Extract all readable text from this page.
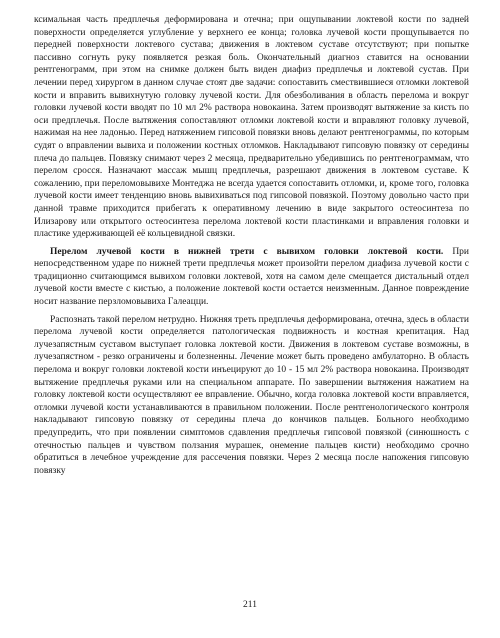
ксимальная часть предплечья деформирована и отечна; при ощупывании локтевой кости по задней поверхности определяется углубление у верхнего ее конца; головка лучевой кости прощупывается по передней поверхности локтевого сустава; движения в локтевом суставе отсутствуют; при попытке пассивно согнуть руку появляется резкая боль. Окончательный диагноз ставится на основании рентгенограмм, при этом на снимке должен быть виден диафиз предплечья и локтевой сустав. При лечении перед хирургом в данном случае стоят две задачи: сопоставить смествившиеся отломки локтевой кости и вправить вывихнутую головку лучевой кости. Для обезболивания в область перелома и вокруг головки лучевой кости вводят по 10 мл 2% раствора новокаина. Затем производят вытяжение за кисть по оси предплечья. После вытяжения сопоставляют отломки локтевой кости и вправляют головку лучевой, нажимая на нее ладонью. Перед натяжением гипсовой повязки вновь делают рентгенограммы, по которым судят о вправлении вывиха и положении костных отломков. Накладывают гипсовую повязку от середины плеча до пальцев. Повязку снимают через 2 месяца, предварительно убедившись по рентгенограммам, что перелом сросся. Назначают массаж мышц предплечья, разрешают движения в локтевом суставе. К сожалению, при переломовывихе Монтеджа не всегда удается сопоставить отломки, и, кроме того, головка лучевой кости имеет тенденцию вновь вывихиваться под гипсовой повязкой. Поэтому довольно часто при данной травме приходится прибегать к оперативному лечению в виде закрытого остеосинтеза по Илизарову или открытого остеосинтеза перелома локтевой кости пластинками и вправления головки и пластике удерживающей её кольцевидной связки.

Перелом лучевой кости в нижней трети с вывихом головки локтевой кости. При непосредственном ударе по нижней трети предплечья может произойти перелом диафиза лучевой кости с традиционно считающимся вывихом головки локтевой, хотя на самом деле смещается дистальный отдел лучевой кости вместе с кистью, а положение локтевой кости остается неизменным. Данное повреждение носит название перзломовывиха Галеацци.

Распознать такой перелом нетрудно. Нижняя треть предплечья деформирована, отечна, здесь в области перелома лучевой кости определяется патологическая подвижность и костная крепитация. Над лучезапястным суставом выступает головка локтевой кости. Движения в локтевом суставе возможны, в лучезапястном - резко ограничены и болезненны. Лечение может быть проведено амбулаторно. В область перелома и вокруг головки локтевой кости инъецируют до 10 - 15 мл 2% раствора новокаина. Производят вытяжение предплечья руками или на специальном аппарате. По завершении вытяжения нажатием на головку локтевой кости осуществляют ее вправление. Обычно, когда головка локтевой кости вправляется, отломки лучевой кости устанавливаются в правильном положении. После рентгенологического контроля накладывают гипсовую повязку от середины плеча до кончиков пальцев. Больного необходимо предупредить, что при появлении симптомов сдавления предплечья гипсовой повязкой (синюшность с отечностью пальцев и чувством ползания мурашек, онемение пальцев кисти) необходимо срочно обратиться в лечебное учреждение для рассечения повязки. Через 2 месяца после напожения гипсовую повязку

211
